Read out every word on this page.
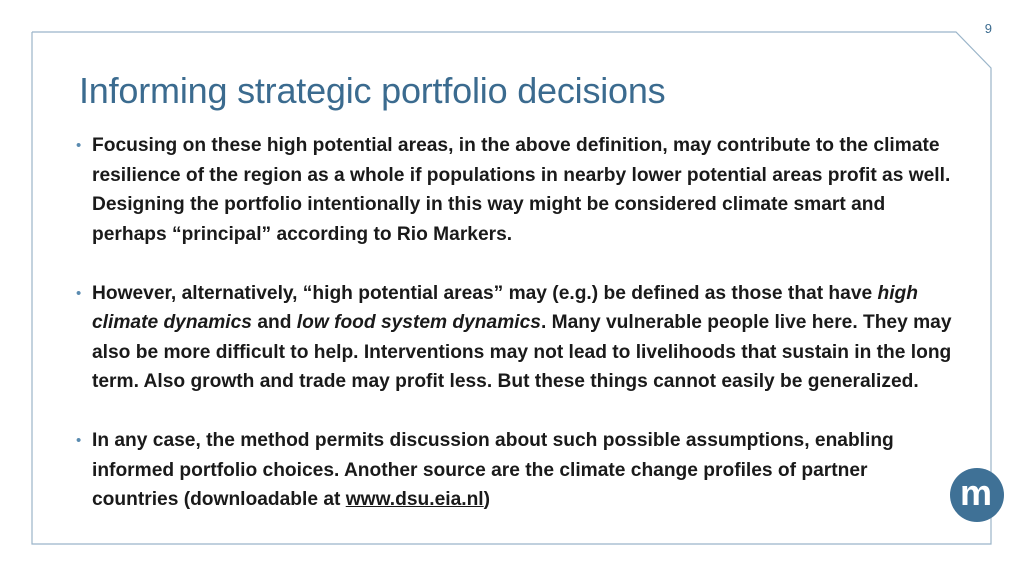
9
Informing strategic portfolio decisions
• Focusing on these high potential areas, in the above definition, may contribute to the climate resilience of the region as a whole if populations in nearby lower potential areas profit as well. Designing the portfolio intentionally in this way might be considered climate smart and perhaps “principal” according to Rio Markers.
• However, alternatively, “high potential areas” may (e.g.) be defined as those that have high climate dynamics and low food system dynamics. Many vulnerable people live here. They may also be more difficult to help. Interventions may not lead to livelihoods that sustain in the long term. Also growth and trade may profit less. But these things cannot easily be generalized.
• In any case, the method permits discussion about such possible assumptions, enabling informed portfolio choices. Another source are the climate change profiles of partner countries (downloadable at www.dsu.eia.nl)	m
